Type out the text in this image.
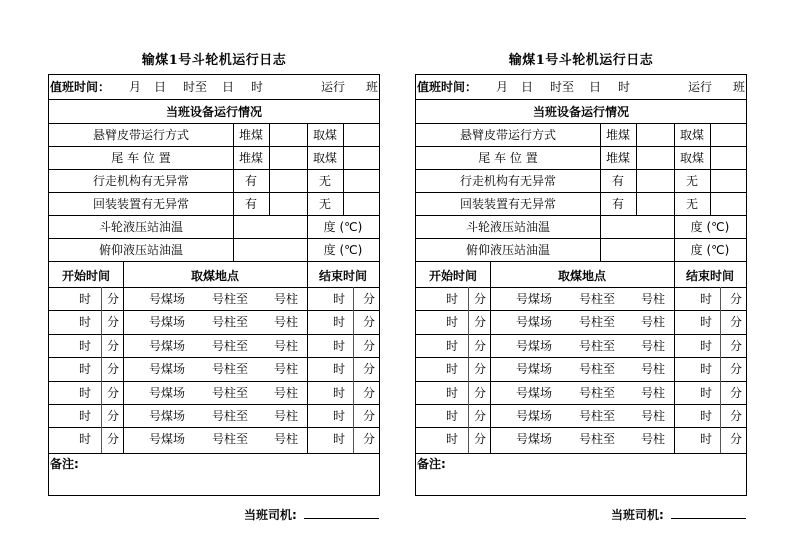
输煤1号斗轮机运行日志
值班时间： 月 日 时至 日 时	运行 班
当班设备运行情况
悬臂皮带运行方式	堆煤	取煤
尾 车 位 置	堆煤	取煤
行走机构有无异常	有	无
回装装置有无异常	有	无
斗轮液压站油温	度 (℃)
俯仰液压站油温	度 (℃)
开始时间	取煤地点	结束时间
时 分 号煤场 号柱至 号柱	时 分
时 分 号煤场 号柱至 号柱	时 分
时 分 号煤场 号柱至 号柱	时 分
时 分 号煤场 号柱至 号柱	时 分
时 分 号煤场 号柱至 号柱	时 分
时 分 号煤场 号柱至 号柱	时 分
时 分 号煤场 号柱至 号柱	时 分
备注:
当班司机:
输煤1号斗轮机运行日志
值班时间： 月 日 时至 日 时	运行 班
当班设备运行情况
悬臂皮带运行方式	堆煤	取煤
尾 车 位 置	堆煤	取煤
行走机构有无异常	有	无
回装装置有无异常	有	无
斗轮液压站油温	度 (℃)
俯仰液压站油温	度 (℃)
开始时间	取煤地点	结束时间
时 分 号煤场 号柱至 号柱	时 分
时 分 号煤场 号柱至 号柱	时 分
时 分 号煤场 号柱至 号柱	时 分
时 分 号煤场 号柱至 号柱	时 分
时 分 号煤场 号柱至 号柱	时 分
时 分 号煤场 号柱至 号柱	时 分
时 分 号煤场 号柱至 号柱	时 分
备注:
当班司机:
